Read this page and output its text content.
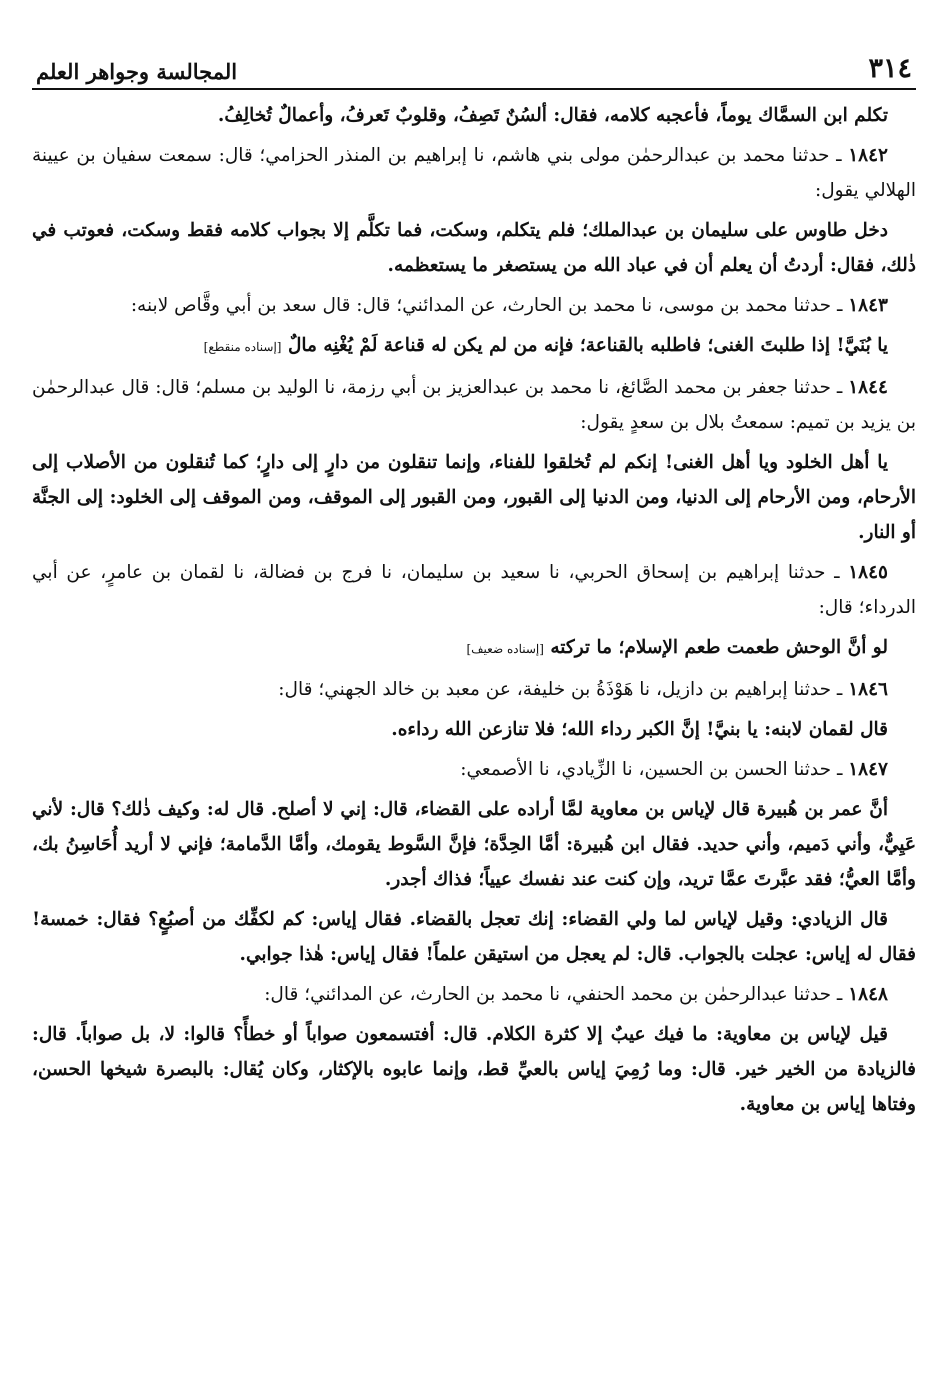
٣١٤
المجالسة وجواهر العلم

تكلم ابن السمَّاك يوماً، فأعجبه كلامه، فقال: ألسُنٌ تَصِفُ، وقلوبٌ تَعرفُ، وأعمالٌ تُخالِفُ.

١٨٤٢ ـ حدثنا محمد بن عبدالرحمٰن مولى بني هاشم، نا إبراهيم بن المنذر الحزامي؛ قال: سمعت سفيان بن عيينة الهلالي يقول:

دخل طاوس على سليمان بن عبدالملك؛ فلم يتكلم، وسكت، فما تكلَّم إلا بجواب كلامه فقط وسكت، فعوتب في ذٰلك، فقال: أردتُ أن يعلم أن في عباد الله من يستصغر ما يستعظمه.

١٨٤٣ ـ حدثنا محمد بن موسى، نا محمد بن الحارث، عن المدائني؛ قال: قال سعد بن أبي وقَّاص لابنه:

يا بُنَيَّ! إذا طلبتَ الغنى؛ فاطلبه بالقناعة؛ فإنه من لم يكن له قناعة لَمْ يُغْنِه مالٌ [إسناده منقطع]

١٨٤٤ ـ حدثنا جعفر بن محمد الصَّائغ، نا محمد بن عبدالعزيز بن أبي رزمة، نا الوليد بن مسلم؛ قال: قال عبدالرحمٰن بن يزيد بن تميم: سمعتُ بلال بن سعدٍ يقول:

يا أهل الخلود ويا أهل الغنى! إنكم لم تُخلقوا للفناء، وإنما تنقلون من دارٍ إلى دارٍ؛ كما تُنقلون من الأصلاب إلى الأرحام، ومن الأرحام إلى الدنيا، ومن الدنيا إلى القبور، ومن القبور إلى الموقف، ومن الموقف إلى الخلود: إلى الجنَّة أو النار.

١٨٤٥ ـ حدثنا إبراهيم بن إسحاق الحربي، نا سعيد بن سليمان، نا فرج بن فضالة، نا لقمان بن عامرٍ، عن أبي الدرداء؛ قال:

لو أنَّ الوحش طعمت طعم الإسلام؛ ما تركته [إسناده ضعيف]

١٨٤٦ ـ حدثنا إبراهيم بن دازيل، نا هَوْذَةُ بن خليفة، عن معبد بن خالد الجهني؛ قال:

قال لقمان لابنه: يا بنيَّ! إنَّ الكبر رداء الله؛ فلا تنازعن الله رداءه.

١٨٤٧ ـ حدثنا الحسن بن الحسين، نا الزِّيادي، نا الأصمعي:

أنَّ عمر بن هُبيرة قال لإياس بن معاوية لمَّا أراده على القضاء، قال: إني لا أصلح. قال له: وكيف ذٰلك؟ قال: لأني عَيِيٌّ، وأني دَميم، وأني حديد. فقال ابن هُبيرة: أمَّا الحِدَّة؛ فإنَّ السَّوط يقومك، وأمَّا الدَّمامة؛ فإني لا أريد أُحَاسِنُ بك، وأمَّا العيُّ؛ فقد عبَّرتَ عمَّا تريد، وإن كنت عند نفسك عيياً؛ فذاك أجدر.

قال الزيادي: وقيل لإياس لما ولي القضاء: إنك تعجل بالقضاء. فقال إياس: كم لكفِّك من أصبُعٍ؟ فقال: خمسة! فقال له إياس: عجلت بالجواب. قال: لم يعجل من استيقن علماً! فقال إياس: هٰذا جوابي.

١٨٤٨ ـ حدثنا عبدالرحمٰن بن محمد الحنفي، نا محمد بن الحارث، عن المدائني؛ قال:

قيل لإياس بن معاوية: ما فيك عيبٌ إلا كثرة الكلام. قال: أفتسمعون صواباً أو خطأً؟ قالوا: لا، بل صواباً. قال: فالزيادة من الخير خير. قال: وما رُمِيَ إياس بالعيِّ قط، وإنما عابوه بالإكثار، وكان يُقال: بالبصرة شيخها الحسن، وفتاها إياس بن معاوية.
